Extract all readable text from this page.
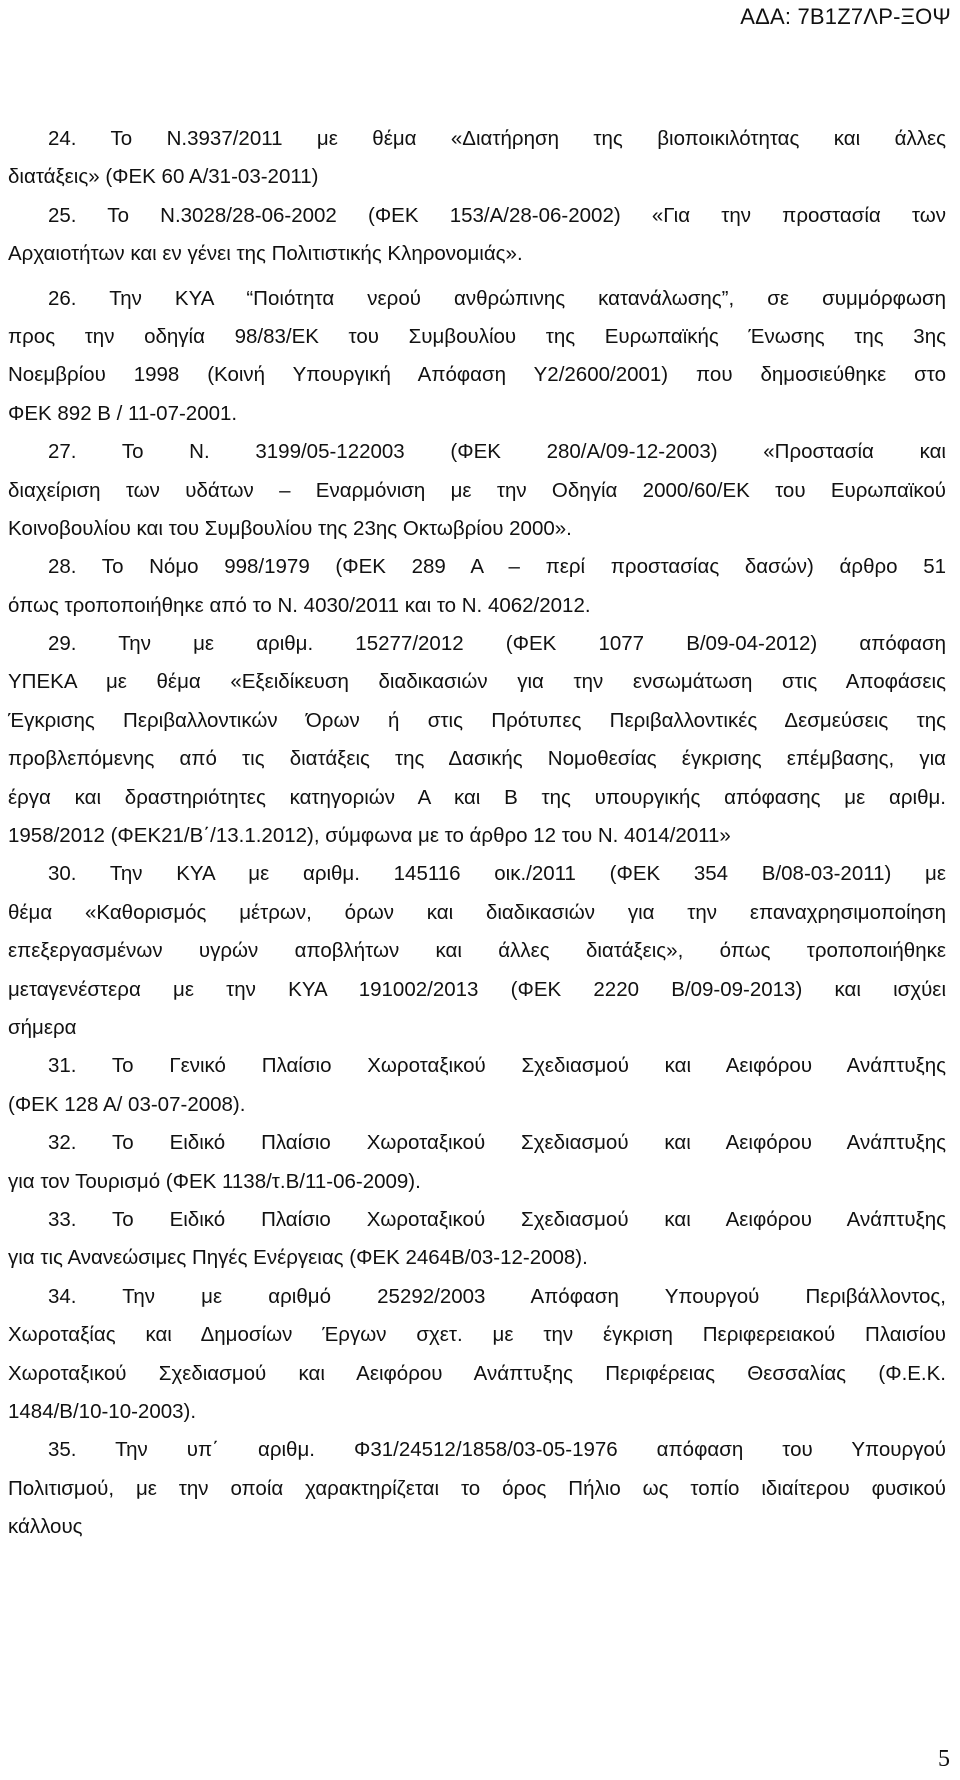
ΑΔΑ: 7Β1Ζ7ΛΡ-ΞΟΨ
24. Το Ν.3937/2011 με θέμα «Διατήρηση της βιοποικιλότητας και άλλες
διατάξεις» (ΦΕΚ 60 Α/31-03-2011)
25. Το Ν.3028/28-06-2002 (ΦΕΚ 153/Α/28-06-2002) «Για την προστασία των
Αρχαιοτήτων και εν γένει της Πολιτιστικής Κληρονομιάς».
26. Την ΚΥΑ “Ποιότητα νερού ανθρώπινης κατανάλωσης”, σε συμμόρφωση
προς την οδηγία 98/83/ΕΚ του Συμβουλίου της Ευρωπαϊκής Ένωσης της 3ης
Νοεμβρίου 1998 (Κοινή Υπουργική Απόφαση Υ2/2600/2001) που δημοσιεύθηκε στο
ΦΕΚ 892 Β / 11-07-2001.
27. Το Ν. 3199/05-122003 (ΦΕΚ 280/Α/09-12-2003) «Προστασία και
διαχείριση των υδάτων – Εναρμόνιση με την Οδηγία 2000/60/ΕΚ του Ευρωπαϊκού
Κοινοβουλίου και του Συμβουλίου της 23ης Οκτωβρίου 2000».
28. Το Νόμο 998/1979 (ΦΕΚ 289 Α – περί προστασίας δασών) άρθρο 51
όπως τροποποιήθηκε από το Ν. 4030/2011 και το Ν. 4062/2012.
29. Την με αριθμ. 15277/2012 (ΦΕΚ 1077 Β/09-04-2012) απόφαση
ΥΠΕΚΑ με θέμα «Εξειδίκευση διαδικασιών για την ενσωμάτωση στις Αποφάσεις
Έγκρισης Περιβαλλοντικών Όρων ή στις Πρότυπες Περιβαλλοντικές Δεσμεύσεις της
προβλεπόμενης από τις διατάξεις της Δασικής Νομοθεσίας έγκρισης επέμβασης, για
έργα και δραστηριότητες κατηγοριών Α και Β της υπουργικής απόφασης με αριθμ.
1958/2012 (ΦΕΚ21/Β΄/13.1.2012), σύμφωνα με το άρθρο 12 του Ν. 4014/2011»
30. Την ΚΥΑ με αριθμ. 145116 οικ./2011 (ΦΕΚ 354 Β/08-03-2011) με
θέμα «Καθορισμός μέτρων, όρων και διαδικασιών για την επαναχρησιμοποίηση
επεξεργασμένων υγρών αποβλήτων και άλλες διατάξεις», όπως τροποποιήθηκε
μεταγενέστερα με την ΚΥΑ 191002/2013 (ΦΕΚ 2220 Β/09-09-2013) και ισχύει
σήμερα
31. Το Γενικό Πλαίσιο Χωροταξικού Σχεδιασμού και Αειφόρου Ανάπτυξης
(ΦΕΚ 128 Α/ 03-07-2008).
32. Το Ειδικό Πλαίσιο Χωροταξικού Σχεδιασμού και Αειφόρου Ανάπτυξης
για τον Τουρισμό (ΦΕΚ 1138/τ.Β/11-06-2009).
33. Το Ειδικό Πλαίσιο Χωροταξικού Σχεδιασμού και Αειφόρου Ανάπτυξης
για τις Ανανεώσιμες Πηγές Ενέργειας (ΦΕΚ 2464Β/03-12-2008).
34. Την με αριθμό 25292/2003 Απόφαση Υπουργού Περιβάλλοντος,
Χωροταξίας και Δημοσίων Έργων σχετ. με την έγκριση Περιφερειακού Πλαισίου
Χωροταξικού Σχεδιασμού και Αειφόρου Ανάπτυξης Περιφέρειας Θεσσαλίας (Φ.Ε.Κ.
1484/Β/10-10-2003).
35. Την υπ΄ αριθμ. Φ31/24512/1858/03-05-1976 απόφαση του Υπουργού
Πολιτισμού, με την οποία χαρακτηρίζεται το όρος Πήλιο ως τοπίο ιδιαίτερου φυσικού
κάλλους
5
